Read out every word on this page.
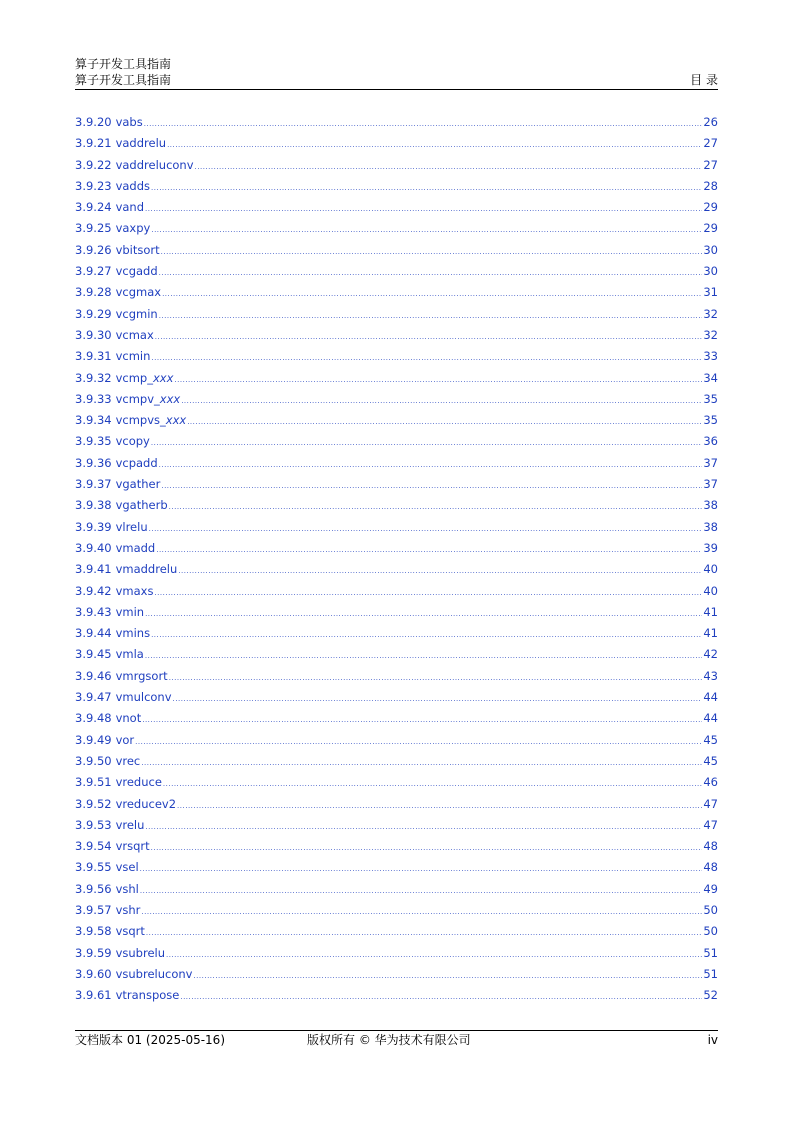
算子开发工具指南
算子开发工具指南	目 录
3.9.20 vabs .....	26
3.9.21 vaddrelu .....	27
3.9.22 vaddreluconv .....	27
3.9.23 vadds .....	28
3.9.24 vand .....	29
3.9.25 vaxpy .....	29
3.9.26 vbitsort .....	30
3.9.27 vcgadd .....	30
3.9.28 vcgmax .....	31
3.9.29 vcgmin .....	32
3.9.30 vcmax .....	32
3.9.31 vcmin .....	33
3.9.32 vcmp_xxx .....	34
3.9.33 vcmpv_xxx .....	35
3.9.34 vcmpvs_xxx .....	35
3.9.35 vcopy .....	36
3.9.36 vcpadd .....	37
3.9.37 vgather .....	37
3.9.38 vgatherb .....	38
3.9.39 vlrelu .....	38
3.9.40 vmadd .....	39
3.9.41 vmaddrelu .....	40
3.9.42 vmaxs .....	40
3.9.43 vmin .....	41
3.9.44 vmins .....	41
3.9.45 vmla .....	42
3.9.46 vmrgsort .....	43
3.9.47 vmulconv .....	44
3.9.48 vnot .....	44
3.9.49 vor .....	45
3.9.50 vrec .....	45
3.9.51 vreduce .....	46
3.9.52 vreducev2 .....	47
3.9.53 vrelu .....	47
3.9.54 vrsqrt .....	48
3.9.55 vsel .....	48
3.9.56 vshl .....	49
3.9.57 vshr .....	50
3.9.58 vsqrt .....	50
3.9.59 vsubrelu .....	51
3.9.60 vsubreluconv .....	51
3.9.61 vtranspose .....	52
文档版本 01 (2025-05-16)	版权所有 © 华为技术有限公司	iv
